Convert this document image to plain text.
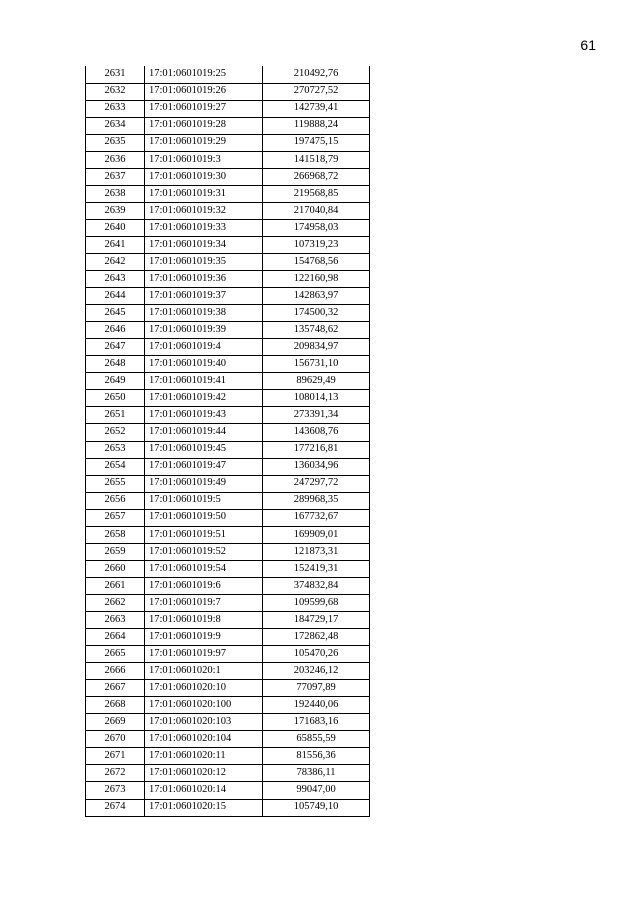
61
2631	17:01:0601019:25	210492,76
2632	17:01:0601019:26	270727,52
2633	17:01:0601019:27	142739,41
2634	17:01:0601019:28	119888,24
2635	17:01:0601019:29	197475,15
2636	17:01:0601019:3	141518,79
2637	17:01:0601019:30	266968,72
2638	17:01:0601019:31	219568,85
2639	17:01:0601019:32	217040,84
2640	17:01:0601019:33	174958,03
2641	17:01:0601019:34	107319,23
2642	17:01:0601019:35	154768,56
2643	17:01:0601019:36	122160,98
2644	17:01:0601019:37	142863,97
2645	17:01:0601019:38	174500,32
2646	17:01:0601019:39	135748,62
2647	17:01:0601019:4	209834,97
2648	17:01:0601019:40	156731,10
2649	17:01:0601019:41	89629,49
2650	17:01:0601019:42	108014,13
2651	17:01:0601019:43	273391,34
2652	17:01:0601019:44	143608,76
2653	17:01:0601019:45	177216,81
2654	17:01:0601019:47	136034,96
2655	17:01:0601019:49	247297,72
2656	17:01:0601019:5	289968,35
2657	17:01:0601019:50	167732,67
2658	17:01:0601019:51	169909,01
2659	17:01:0601019:52	121873,31
2660	17:01:0601019:54	152419,31
2661	17:01:0601019:6	374832,84
2662	17:01:0601019:7	109599,68
2663	17:01:0601019:8	184729,17
2664	17:01:0601019:9	172862,48
2665	17:01:0601019:97	105470,26
2666	17:01:0601020:1	203246,12
2667	17:01:0601020:10	77097,89
2668	17:01:0601020:100	192440,06
2669	17:01:0601020:103	171683,16
2670	17:01:0601020:104	65855,59
2671	17:01:0601020:11	81556,36
2672	17:01:0601020:12	78386,11
2673	17:01:0601020:14	99047,00
2674	17:01:0601020:15	105749,10
